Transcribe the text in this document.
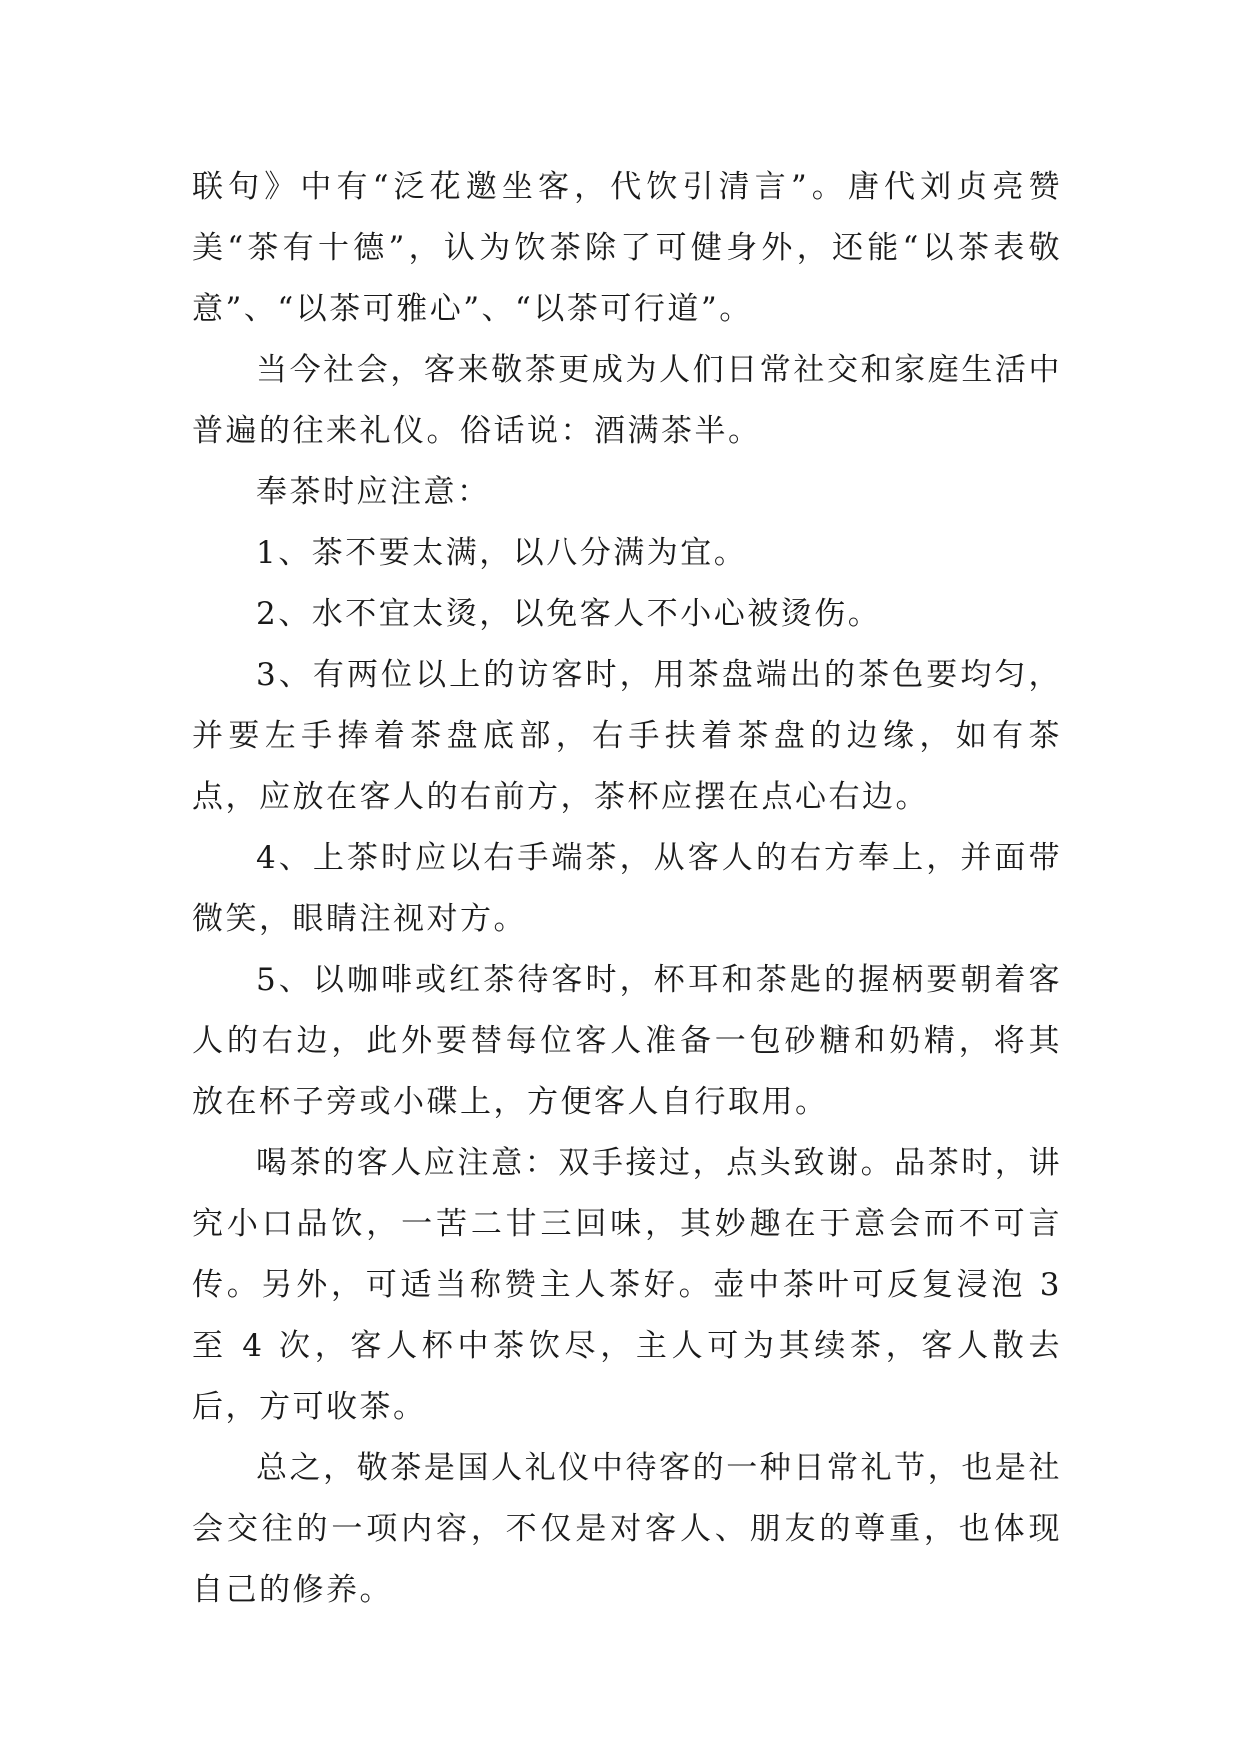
联句》中有“泛花邀坐客，代饮引清言”。唐代刘贞亮赞美“茶有十德”，认为饮茶除了可健身外，还能“以茶表敬意”、“以茶可雅心”、“以茶可行道”。

当今社会，客来敬茶更成为人们日常社交和家庭生活中普遍的往来礼仪。俗话说：酒满茶半。

奉茶时应注意：

1、茶不要太满，以八分满为宜。

2、水不宜太烫，以免客人不小心被烫伤。

3、有两位以上的访客时，用茶盘端出的茶色要均匀，并要左手捧着茶盘底部，右手扶着茶盘的边缘，如有茶点，应放在客人的右前方，茶杯应摆在点心右边。

4、上茶时应以右手端茶，从客人的右方奉上，并面带微笑，眼睛注视对方。

5、以咖啡或红茶待客时，杯耳和茶匙的握柄要朝着客人的右边，此外要替每位客人准备一包砂糖和奶精，将其放在杯子旁或小碟上，方便客人自行取用。

喝茶的客人应注意：双手接过，点头致谢。品茶时，讲究小口品饮，一苦二甘三回味，其妙趣在于意会而不可言传。另外，可适当称赞主人茶好。壶中茶叶可反复浸泡 3 至 4 次，客人杯中茶饮尽，主人可为其续茶，客人散去后，方可收茶。

总之，敬茶是国人礼仪中待客的一种日常礼节，也是社会交往的一项内容，不仅是对客人、朋友的尊重，也体现自己的修养。
